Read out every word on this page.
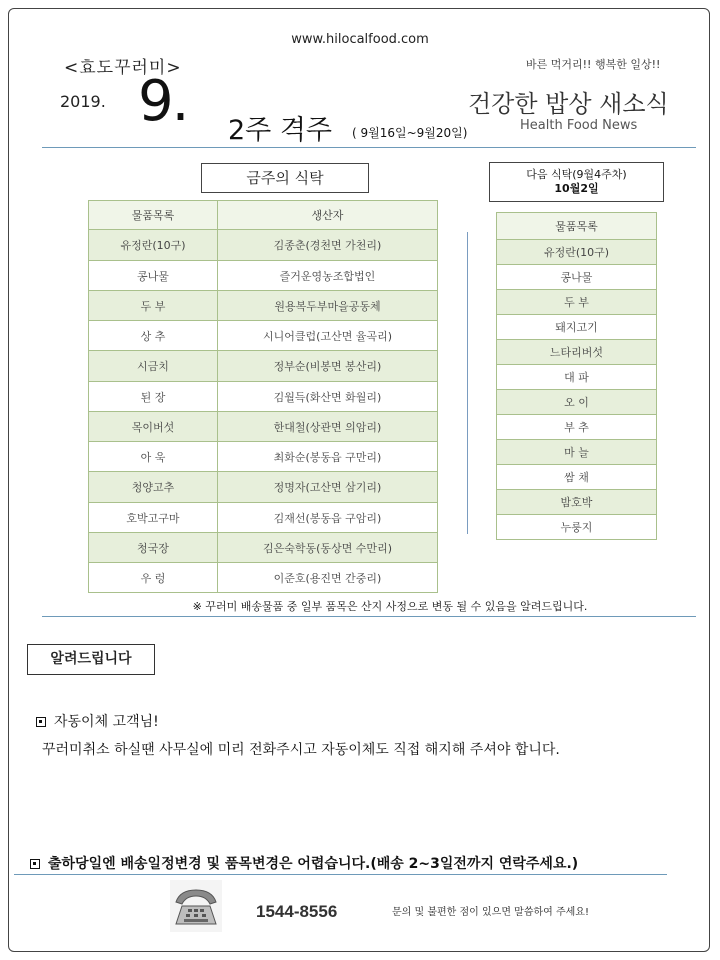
www.hilocalfood.com
<효도꾸러미>	바른 먹거리!! 행복한 일상!!
2019. 9. 2주 격주 ( 9월16일~9월20일)
건강한 밥상 새소식
Health Food News
금주의 식탁	다음 식탁(9월4주차)
10월2일
물품목록	생산자
유정란(10구)	김종춘(경천면 가천리)
콩나물	즐거운영농조합법인
두 부	원용복두부마을공동체
상 추	시니어클럽(고산면 율곡리)
시금치	정부순(비봉면 봉산리)
된 장	김월득(화산면 화월리)
목이버섯	한대철(상관면 의암리)
아 욱	최화순(봉동읍 구만리)
청양고추	정명자(고산면 삼기리)
호박고구마	김재선(봉동읍 구암리)
청국장	김은숙학동(동상면 수만리)
우 렁	이준호(용진면 간중리)
물품목록
유정란(10구)
콩나물
두 부
돼지고기
느타리버섯
대 파
오 이
부 추
마 늘
쌈 채
밤호박
누룽지
※ 꾸러미 배송물품 중 일부 품목은 산지 사정으로 변동 될 수 있음을 알려드립니다.
알려드립니다
자동이체 고객님!
꾸러미취소 하실땐 사무실에 미리 전화주시고 자동이체도 직접 해지해 주셔야 합니다.
출하당일엔 배송일정변경 및 품목변경은 어렵습니다.(배송 2~3일전까지 연락주세요.)
1544-8556	문의 및 불편한 점이 있으면 말씀하여 주세요!
